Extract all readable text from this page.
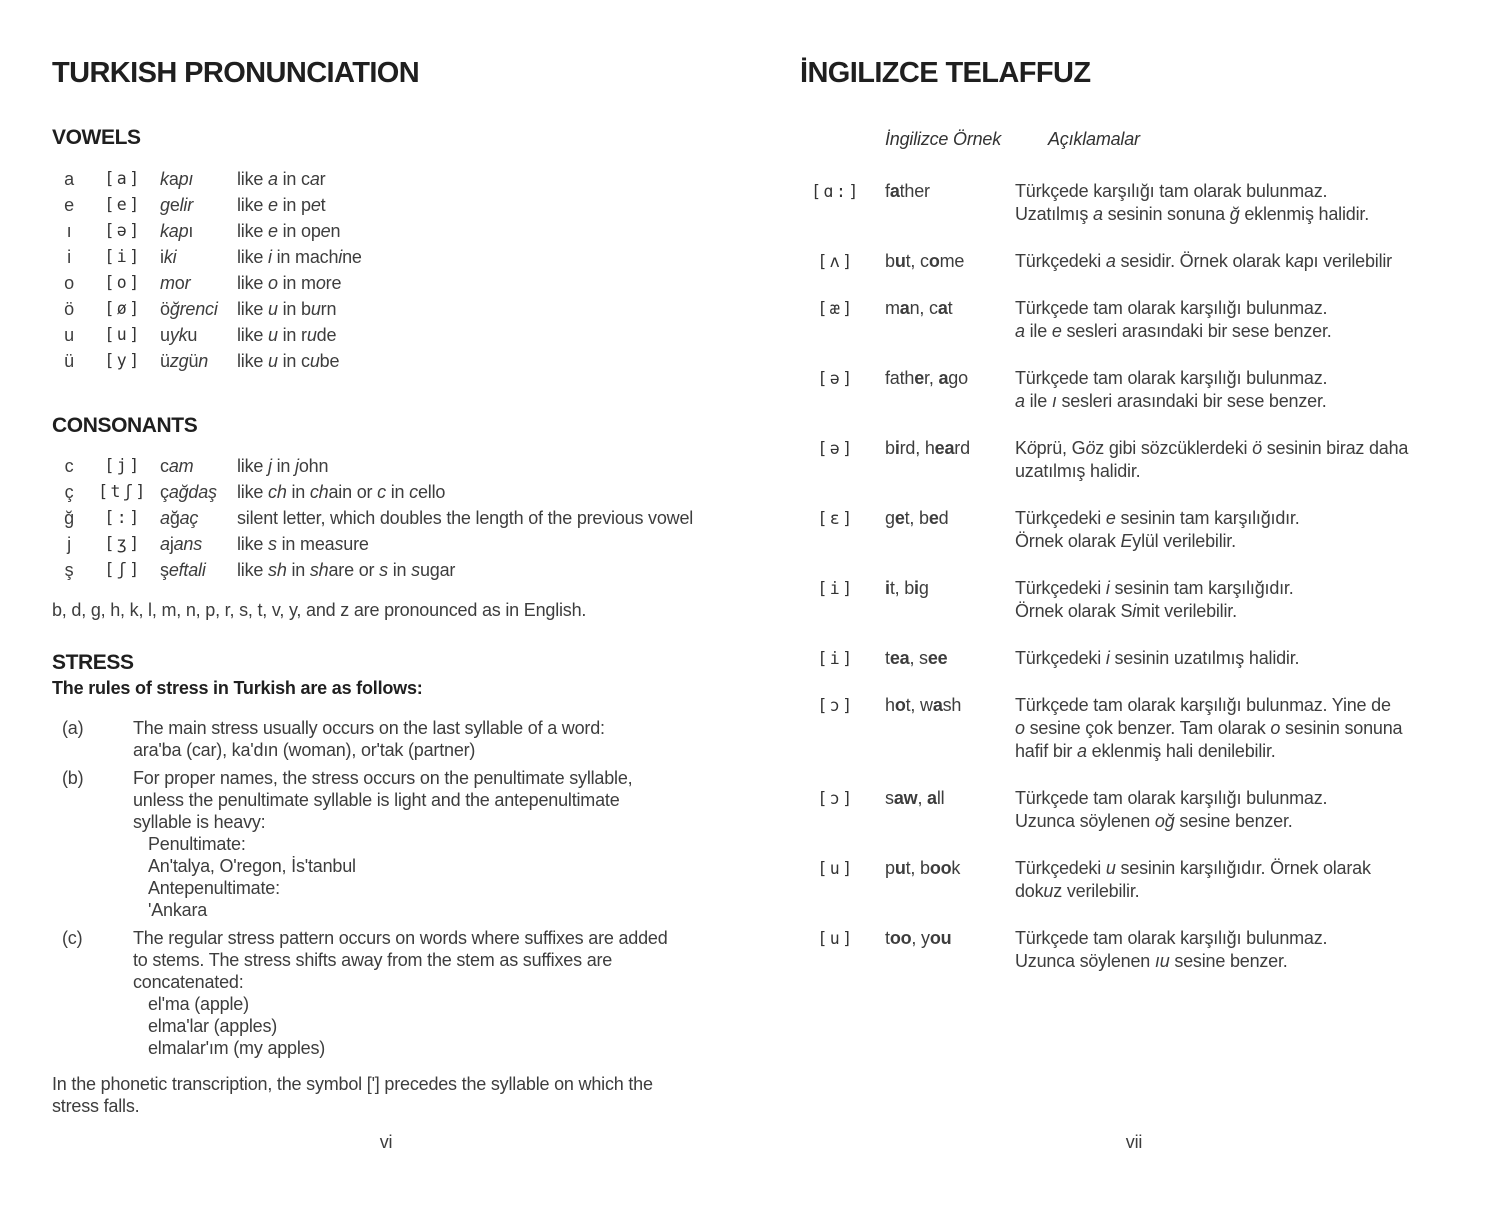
TURKISH PRONUNCIATION
VOWELS
a	[a]	kapı	like a in car
e	[e]	gelir	like e in pet
ı	[ə]	kapı	like e in open
i	[i]	iki	like i in machine
o	[o]	mor	like o in more
ö	[ø]	öğrenci	like u in burn
u	[u]	uyku	like u in rude
ü	[y]	üzgün	like u in cube
CONSONANTS
c	[j]	cam	like j in john
ç	[tʃ] çağdaş	like ch in chain or c in cello
ğ	[:]	ağaç	silent letter, which doubles the length of the previous vowel
j	[ʒ]	ajans	like s in measure
ş	[ʃ]	şeftali	like sh in share or s in sugar

b, d, g, h, k, l, m, n, p, r, s, t, v, y, and z are pronounced as in English.

STRESS

The rules of stress in Turkish are as follows:

(a)	The main stress usually occurs on the last syllable of a word:
ara'ba (car), ka'dın (woman), or'tak (partner)
(b)	For proper names, the stress occurs on the penultimate syllable,
unless the penultimate syllable is light and the antepenultimate
syllable is heavy:
Penultimate:
An'talya, O'regon, İs'tanbul
Antepenultimate:
'Ankara
(c)	The regular stress pattern occurs on words where suffixes are added
to stems. The stress shifts away from the stem as suffixes are
concatenated:
el'ma (apple)
elma'lar (apples)
elmalar'ım (my apples)

In the phonetic transcription, the symbol ['] precedes the syllable on which the
stress falls.

vi
İNGILIZCE TELAFFUZ
İngilizce Örnek	Açıklamalar
[ɑ:] father	Türkçede karşılığı tam olarak bulunmaz.
Uzatılmış a sesinin sonuna ğ eklenmiş halidir.
[ʌ]	but, come	Türkçedeki a sesidir. Örnek olarak kapı verilebilir
[æ]	man, cat	Türkçede tam olarak karşılığı bulunmaz.
a ile e sesleri arasındaki bir sese benzer.
[ə]	father, ago	Türkçede tam olarak karşılığı bulunmaz.
a ile ı sesleri arasındaki bir sese benzer.
[ə]	bird, heard	Köprü, Göz gibi sözcüklerdeki ö sesinin biraz daha
uzatılmış halidir.
[ɛ]	get, bed	Türkçedeki e sesinin tam karşılığıdır.
Örnek olarak Eylül verilebilir.
[i]	it, big	Türkçedeki i sesinin tam karşılığıdır.
Örnek olarak Simit verilebilir.
[i]	tea, see	Türkçedeki i sesinin uzatılmış halidir.
[ɔ]	hot, wash	Türkçede tam olarak karşılığı bulunmaz. Yine de
o sesine çok benzer. Tam olarak o sesinin sonuna
hafif bir a eklenmiş hali denilebilir.
[ɔ]	saw, all	Türkçede tam olarak karşılığı bulunmaz.
Uzunca söylenen oğ sesine benzer.
[u]	put, book	Türkçedeki u sesinin karşılığıdır. Örnek olarak
dokuz verilebilir.
[u]	too, you	Türkçede tam olarak karşılığı bulunmaz.
Uzunca söylenen ıu sesine benzer.
vii
